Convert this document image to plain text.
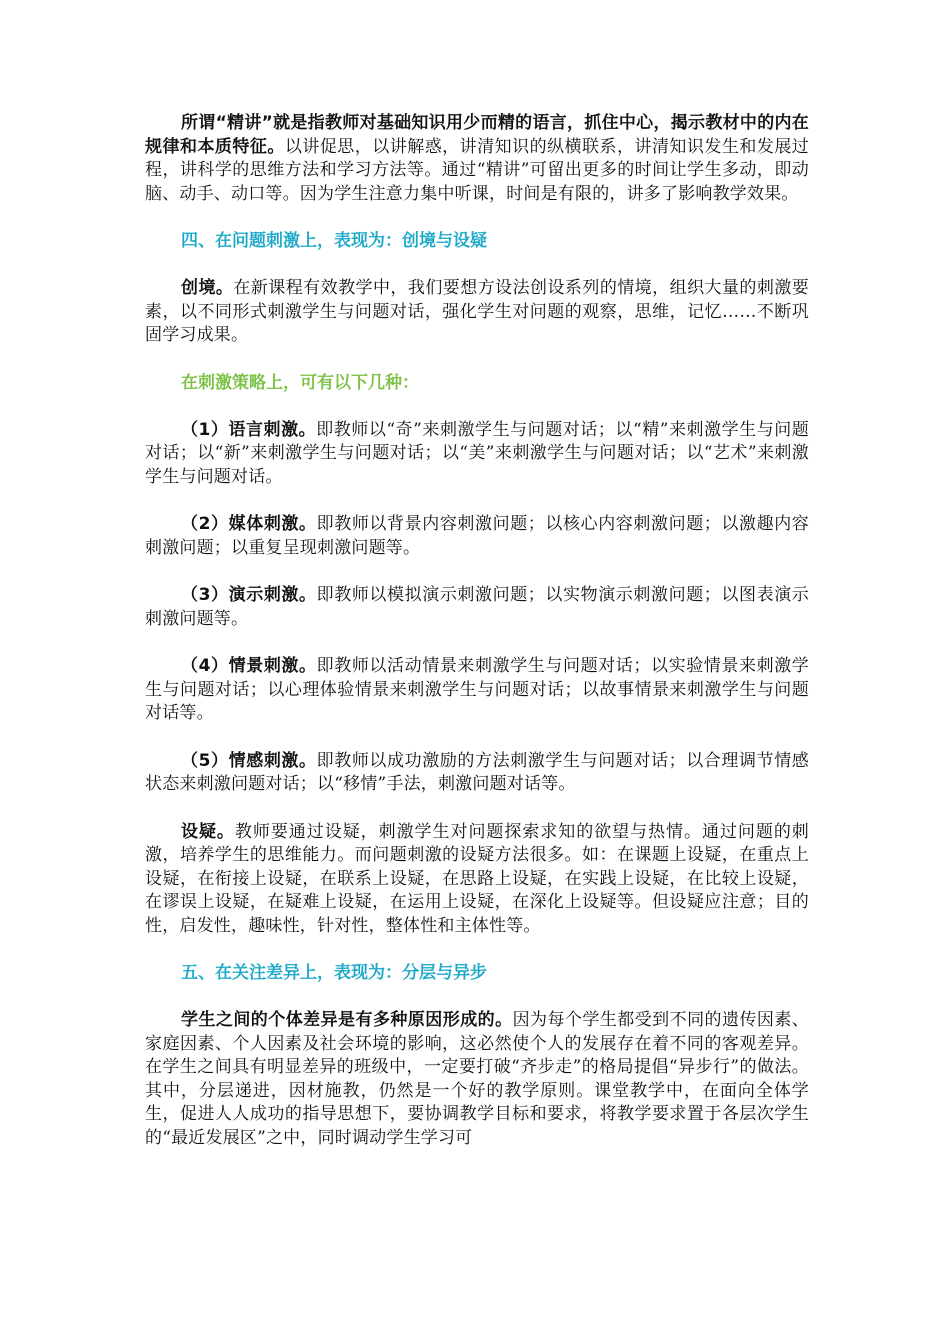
所谓“精讲”就是指教师对基础知识用少而精的语言，抓住中心，揭示教材中的内在规律和本质特征。以讲促思，以讲解惑，讲清知识的纵横联系，讲清知识发生和发展过程，讲科学的思维方法和学习方法等。通过“精讲”可留出更多的时间让学生多动，即动脑、动手、动口等。因为学生注意力集中听课，时间是有限的，讲多了影响教学效果。

四、在问题刺激上，表现为：创境与设疑

创境。在新课程有效教学中，我们要想方设法创设系列的情境，组织大量的刺激要素，以不同形式刺激学生与问题对话，强化学生对问题的观察，思维，记忆……不断巩固学习成果。

在刺激策略上，可有以下几种：

（1）语言刺激。即教师以“奇”来刺激学生与问题对话；以“精”来刺激学生与问题对话；以“新”来刺激学生与问题对话；以“美”来刺激学生与问题对话；以“艺术”来刺激学生与问题对话。

（2）媒体刺激。即教师以背景内容刺激问题；以核心内容刺激问题；以激趣内容刺激问题；以重复呈现刺激问题等。

（3）演示刺激。即教师以模拟演示刺激问题；以实物演示刺激问题；以图表演示刺激问题等。

（4）情景刺激。即教师以活动情景来刺激学生与问题对话；以实验情景来刺激学生与问题对话；以心理体验情景来刺激学生与问题对话；以故事情景来刺激学生与问题对话等。

（5）情感刺激。即教师以成功激励的方法刺激学生与问题对话；以合理调节情感状态来刺激问题对话；以“移情”手法，刺激问题对话等。

设疑。教师要通过设疑，刺激学生对问题探索求知的欲望与热情。通过问题的刺激，培养学生的思维能力。而问题刺激的设疑方法很多。如：在课题上设疑，在重点上设疑，在衔接上设疑，在联系上设疑，在思路上设疑，在实践上设疑，在比较上设疑，在谬误上设疑，在疑难上设疑，在运用上设疑，在深化上设疑等。但设疑应注意；目的性，启发性，趣味性，针对性，整体性和主体性等。

五、在关注差异上，表现为：分层与异步

学生之间的个体差异是有多种原因形成的。因为每个学生都受到不同的遗传因素、家庭因素、个人因素及社会环境的影响，这必然使个人的发展存在着不同的客观差异。在学生之间具有明显差异的班级中，一定要打破“齐步走”的格局提倡“异步行”的做法。其中，分层递进，因材施教，仍然是一个好的教学原则。课堂教学中，在面向全体学生，促进人人成功的指导思想下，要协调教学目标和要求，将教学要求置于各层次学生的“最近发展区”之中，同时调动学生学习可
